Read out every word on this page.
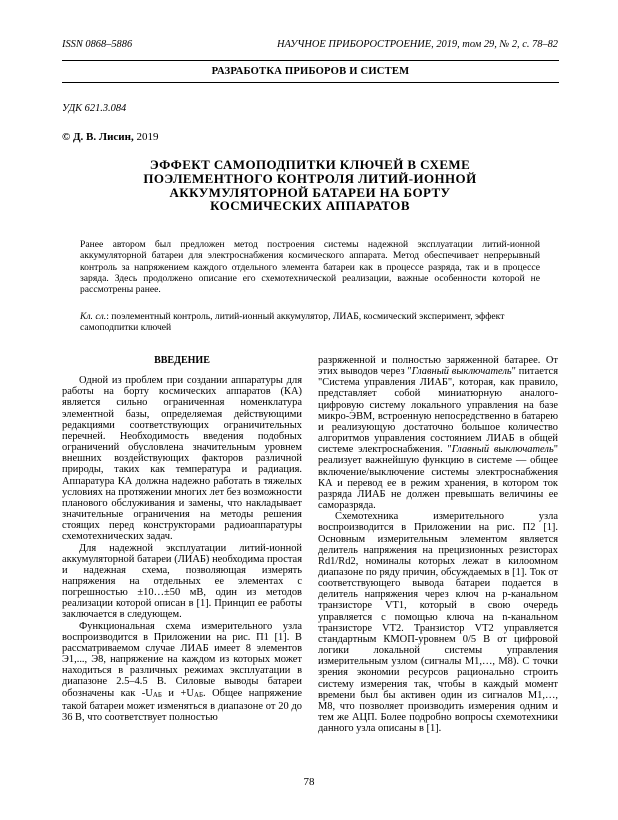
ISSN 0868–5886	НАУЧНОЕ ПРИБОРОСТРОЕНИЕ, 2019, том 29, № 2, с. 78–82
РАЗРАБОТКА ПРИБОРОВ И СИСТЕМ
УДК 621.3.084
© Д. В. Лисин, 2019
ЭФФЕКТ САМОПОДПИТКИ КЛЮЧЕЙ В СХЕМЕ
ПОЭЛЕМЕНТНОГО КОНТРОЛЯ ЛИТИЙ-ИОННОЙ
АККУМУЛЯТОРНОЙ БАТАРЕИ НА БОРТУ
КОСМИЧЕСКИХ АППАРАТОВ
Ранее автором был предложен метод построения системы надежной эксплуатации литий-ионной аккумуляторной батареи для электроснабжения космического аппарата. Метод обеспечивает непрерывный контроль за напряжением каждого отдельного элемента батареи как в процессе разряда, так и в процессе заряда. Здесь продолжено описание его схемотехнической реализации, важные особенности которой не рассмотрены ранее.
Кл. сл.: поэлементный контроль, литий-ионный аккумулятор, ЛИАБ, космический эксперимент, эффект самоподпитки ключей

ВВЕДЕНИЕ

Одной из проблем при создании аппаратуры для работы на борту космических аппаратов (КА) является сильно ограниченная номенклатура элементной базы, определяемая действующими редакциями соответствующих ограничительных перечней. Необходимость введения подобных ограничений обусловлена значительным уровнем внешних воздействующих факторов различной природы, таких как температура и радиация. Аппаратура КА должна надежно работать в тяжелых условиях на протяжении многих лет без возможности планового обслуживания и замены, что накладывает значительные ограничения на методы решения стоящих перед конструкторами радиоаппаратуры схемотехнических задач.

Для надежной эксплуатации литий-ионной аккумуляторной батареи (ЛИАБ) необходима простая и надежная схема, позволяющая измерять напряжения на отдельных ее элементах с погрешностью ±10…±50 мВ, один из методов реализации которой описан в [1]. Принцип ее работы заключается в следующем.

Функциональная схема измерительного узла воспроизводится в Приложении на рис. П1 [1]. В рассматриваемом случае ЛИАБ имеет 8 элементов Э1,..., Э8, напряжение на каждом из которых может находиться в различных режимах эксплуатации в диапазоне 2.5–4.5 В. Силовые выводы батареи обозначены как -UАБ и +UАБ. Общее напряжение такой батареи может изменяться в диапазоне от 20 до 36 В, что соответствует полностью

разряженной и полностью заряженной батарее. От этих выводов через "Главный выключатель" питается "Система управления ЛИАБ", которая, как правило, представляет собой миниатюрную аналого-цифровую систему локального управления на базе микро-ЭВМ, встроенную непосредственно в батарею и реализующую достаточно большое количество алгоритмов управления состоянием ЛИАБ в общей системе электроснабжения. "Главный выключатель" реализует важнейшую функцию в системе — общее включение/выключение системы электроснабжения КА и перевод ее в режим хранения, в котором ток разряда ЛИАБ не должен превышать величины ее саморазряда.

Схемотехника измерительного узла воспроизводится в Приложении на рис. П2 [1]. Основным измерительным элементом является делитель напряжения на прецизионных резисторах Rd1/Rd2, номиналы которых лежат в килоомном диапазоне по ряду причин, обсуждаемых в [1]. Ток от соответствующего вывода батареи подается в делитель напряжения через ключ на p-канальном транзисторе VT1, который в свою очередь управляется с помощью ключа на n-канальном транзисторе VT2. Транзистор VT2 управляется стандартным КМОП-уровнем 0/5 В от цифровой логики локальной системы управления измерительным узлом (сигналы M1,…, M8). С точки зрения экономии ресурсов рационально строить систему измерения так, чтобы в каждый момент времени был бы активен один из сигналов M1,…, M8, что позволяет производить измерения одним и тем же АЦП. Более подробно вопросы схемотехники данного узла описаны в [1].

78
